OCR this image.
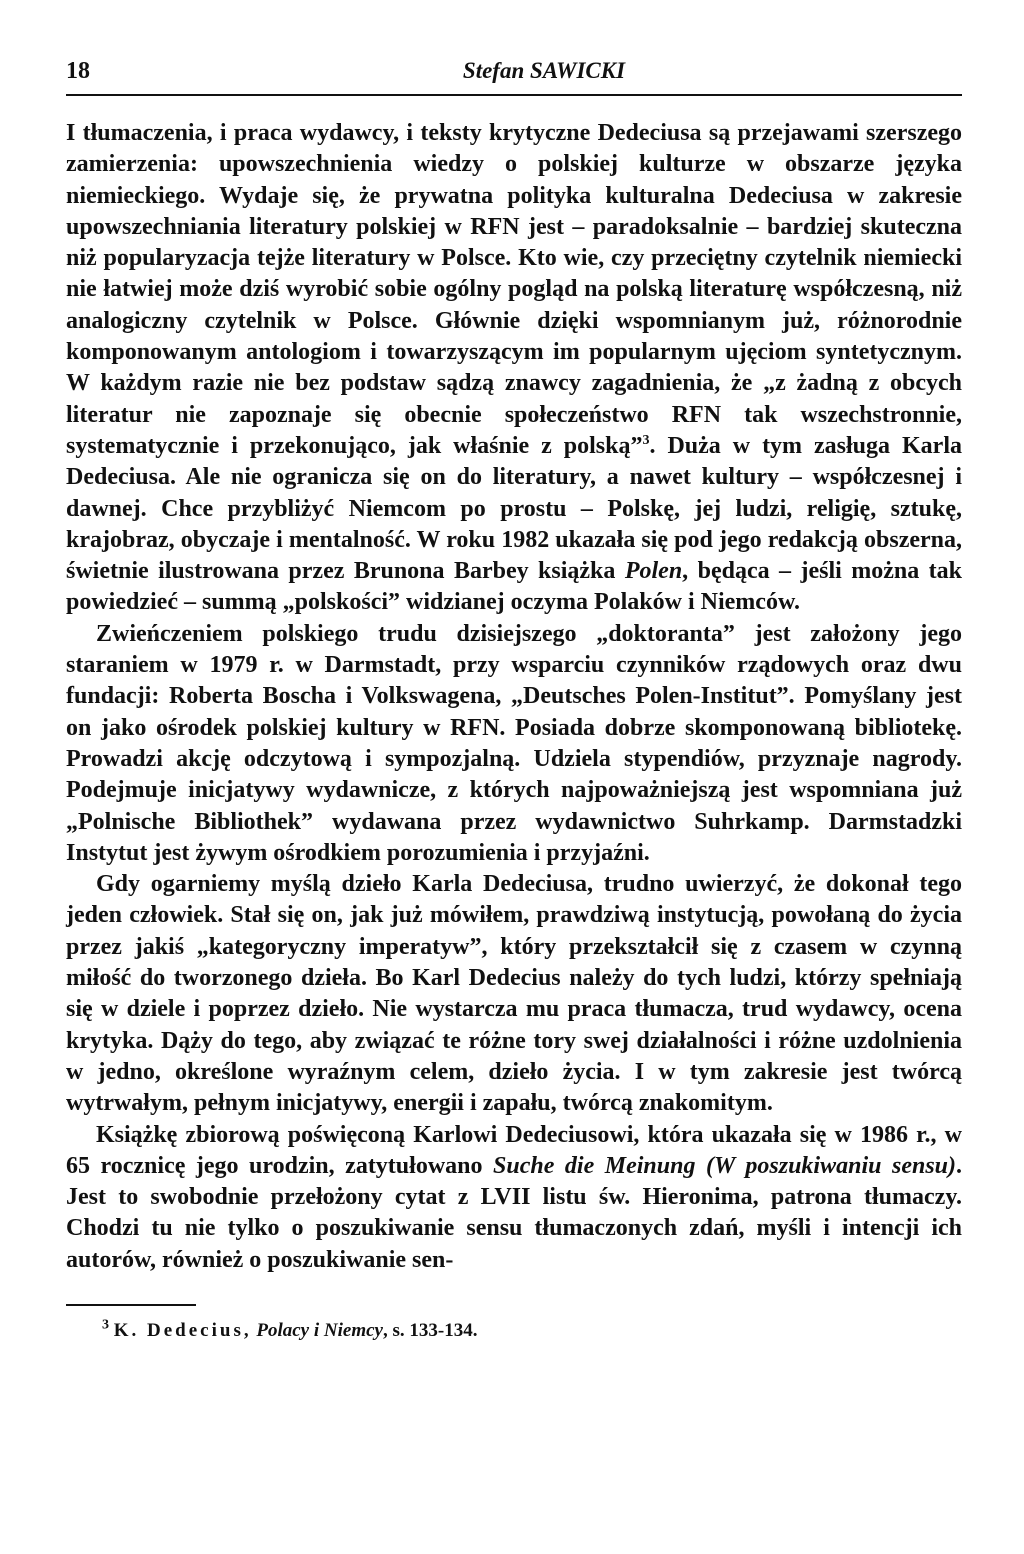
18	Stefan SAWICKI

I tłumaczenia, i praca wydawcy, i teksty krytyczne Dedeciusa są przejawami szerszego zamierzenia: upowszechnienia wiedzy o polskiej kulturze w obszarze języka niemieckiego. Wydaje się, że prywatna polityka kulturalna Dedeciusa w zakresie upowszechniania literatury polskiej w RFN jest – paradoksalnie – bardziej skuteczna niż popularyzacja tejże literatury w Polsce. Kto wie, czy przeciętny czytelnik niemiecki nie łatwiej może dziś wyrobić sobie ogólny pogląd na polską literaturę współczesną, niż analogiczny czytelnik w Polsce. Głównie dzięki wspomnianym już, różnorodnie komponowanym antologiom i towarzyszącym im popularnym ujęciom syntetycznym. W każdym razie nie bez podstaw sądzą znawcy zagadnienia, że „z żadną z obcych literatur nie zapoznaje się obecnie społeczeństwo RFN tak wszechstronnie, systematycznie i przekonująco, jak właśnie z polską”$^3$. Duża w tym zasługa Karla Dedeciusa. Ale nie ogranicza się on do literatury, a nawet kultury – współczesnej i dawnej. Chce przybliżyć Niemcom po prostu – Polskę, jej ludzi, religię, sztukę, krajobraz, obyczaje i mentalność. W roku 1982 ukazała się pod jego redakcją obszerna, świetnie ilustrowana przez Brunona Barbey książka Polen, będąca – jeśli można tak powiedzieć – summą „polskości” widzianej oczyma Polaków i Niemców.

Zwieńczeniem polskiego trudu dzisiejszego „doktoranta” jest założony jego staraniem w 1979 r. w Darmstadt, przy wsparciu czynników rządowych oraz dwu fundacji: Roberta Boscha i Volkswagena, „Deutsches Polen-Institut”. Pomyślany jest on jako ośrodek polskiej kultury w RFN. Posiada dobrze skomponowaną bibliotekę. Prowadzi akcję odczytową i sympozjalną. Udziela stypendiów, przyznaje nagrody. Podejmuje inicjatywy wydawnicze, z których najpoważniejszą jest wspomniana już „Polnische Bibliothek” wydawana przez wydawnictwo Suhrkamp. Darmstadzki Instytut jest żywym ośrodkiem porozumienia i przyjaźni.

Gdy ogarniemy myślą dzieło Karla Dedeciusa, trudno uwierzyć, że dokonał tego jeden człowiek. Stał się on, jak już mówiłem, prawdziwą instytucją, powołaną do życia przez jakiś „kategoryczny imperatyw”, który przekształcił się z czasem w czynną miłość do tworzonego dzieła. Bo Karl Dedecius należy do tych ludzi, którzy spełniają się w dziele i poprzez dzieło. Nie wystarcza mu praca tłumacza, trud wydawcy, ocena krytyka. Dąży do tego, aby związać te różne tory swej działalności i różne uzdolnienia w jedno, określone wyraźnym celem, dzieło życia. I w tym zakresie jest twórcą wytrwałym, pełnym inicjatywy, energii i zapału, twórcą znakomitym.

Książkę zbiorową poświęconą Karlowi Dedeciusowi, która ukazała się w 1986 r., w 65 rocznicę jego urodzin, zatytułowano Suche die Meinung (W poszukiwaniu sensu). Jest to swobodnie przełożony cytat z LVII listu św. Hieronima, patrona tłumaczy. Chodzi tu nie tylko o poszukiwanie sensu tłumaczonych zdań, myśli i intencji ich autorów, również o poszukiwanie sen-

$^3$ K. Dedecius, Polacy i Niemcy, s. 133-134.
